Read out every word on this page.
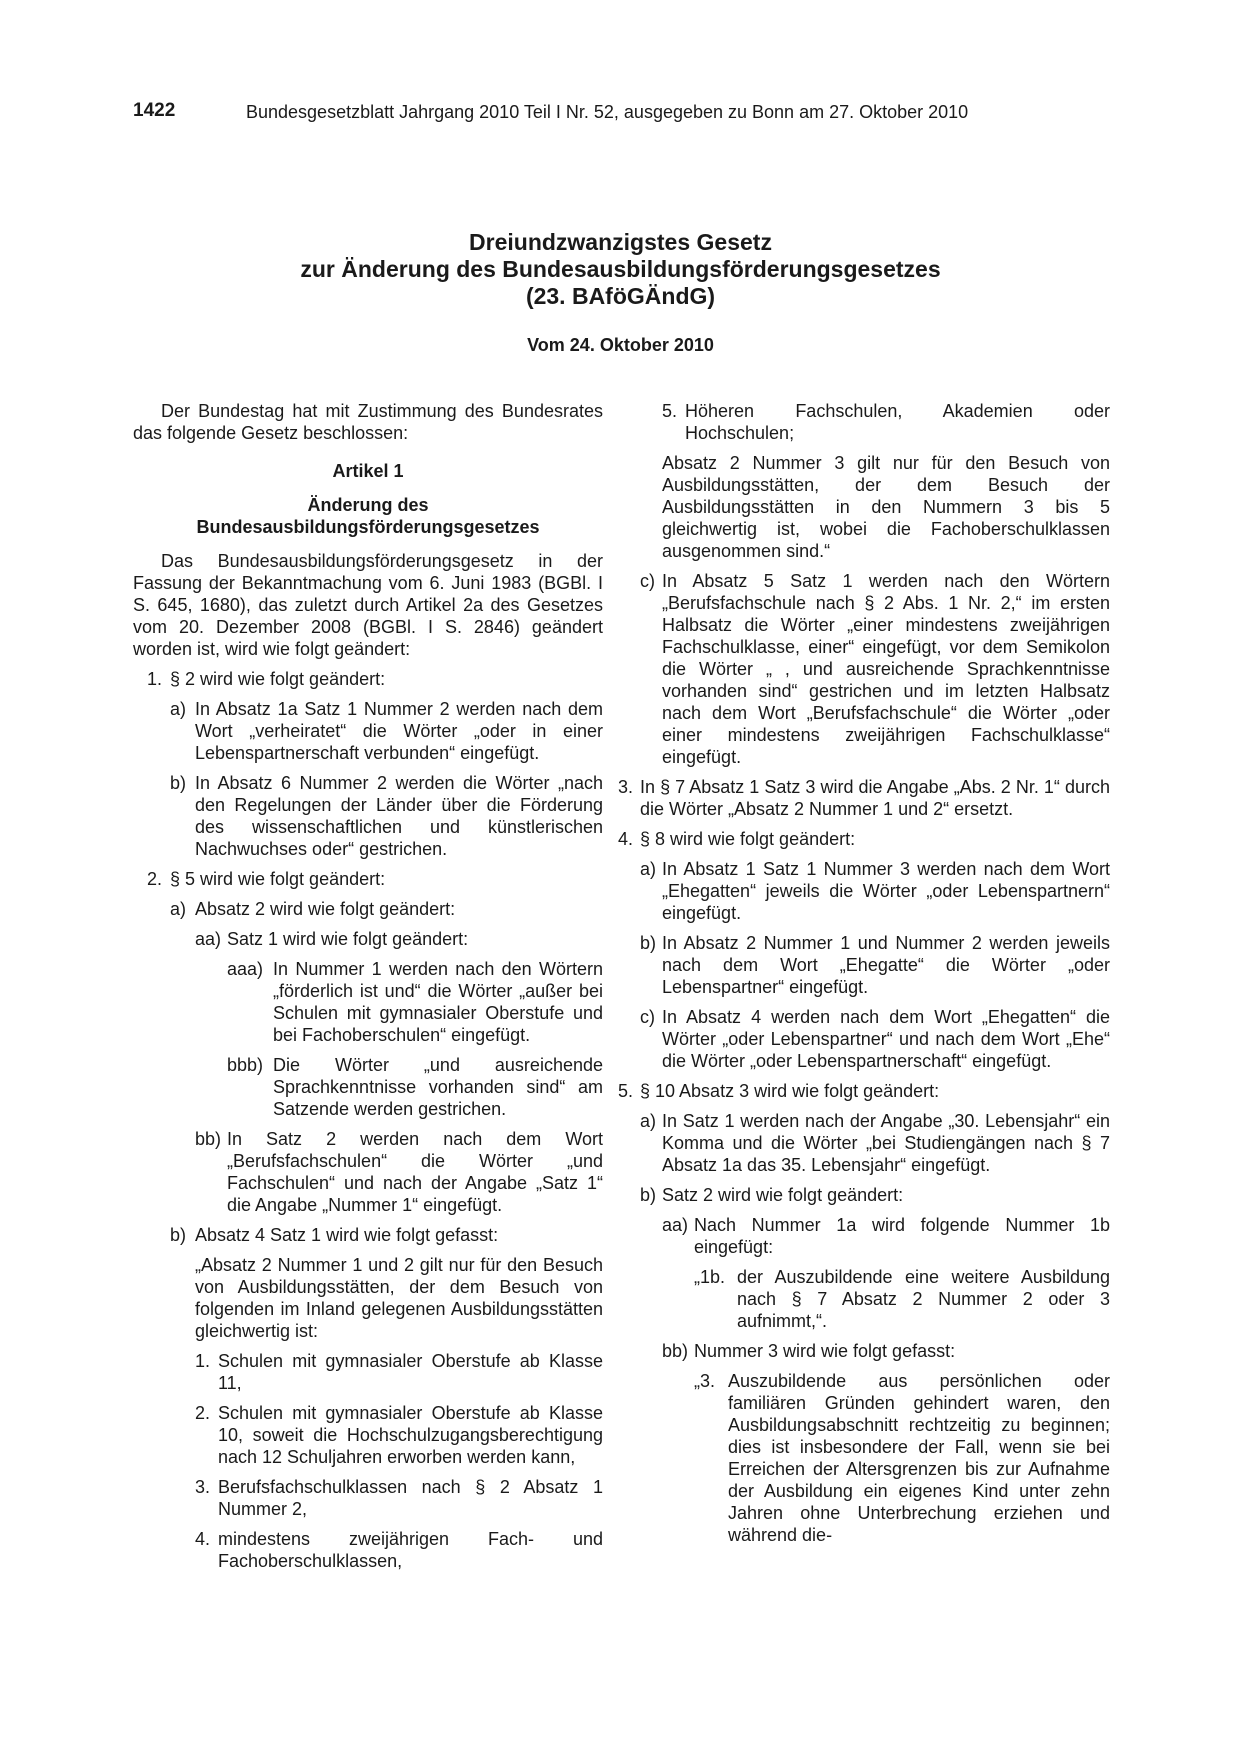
1422	Bundesgesetzblatt Jahrgang 2010 Teil I Nr. 52, ausgegeben zu Bonn am 27. Oktober 2010
Dreiundzwanzigstes Gesetz
zur Änderung des Bundesausbildungsförderungsgesetzes
(23. BAföGÄndG)
Vom 24. Oktober 2010

Der Bundestag hat mit Zustimmung des Bundesrates das folgende Gesetz beschlossen:

Artikel 1

Änderung des

Bundesausbildungsförderungsgesetzes

Das Bundesausbildungsförderungsgesetz in der Fassung der Bekanntmachung vom 6. Juni 1983 (BGBl. I S. 645, 1680), das zuletzt durch Artikel 2a des Gesetzes vom 20. Dezember 2008 (BGBl. I S. 2846) geändert worden ist, wird wie folgt geändert:

1. § 2 wird wie folgt geändert:
a) In Absatz 1a Satz 1 Nummer 2 werden nach dem Wort „verheiratet“ die Wörter „oder in einer Lebenspartnerschaft verbunden“ eingefügt.
b) In Absatz 6 Nummer 2 werden die Wörter „nach den Regelungen der Länder über die Förderung des wissenschaftlichen und künstlerischen Nachwuchses oder“ gestrichen.
2. § 5 wird wie folgt geändert:
a) Absatz 2 wird wie folgt geändert:
aa) Satz 1 wird wie folgt geändert:
aaa) In Nummer 1 werden nach den Wörtern „förderlich ist und“ die Wörter „außer bei Schulen mit gymnasialer Oberstufe und bei Fachoberschulen“ eingefügt.
bbb) Die Wörter „und ausreichende Sprachkenntnisse vorhanden sind“ am Satzende werden gestrichen.
bb) In Satz 2 werden nach dem Wort „Berufsfachschulen“ die Wörter „und Fachschulen“ und nach der Angabe „Satz 1“ die Angabe „Nummer 1“ eingefügt.
b) Absatz 4 Satz 1 wird wie folgt gefasst:

„Absatz 2 Nummer 1 und 2 gilt nur für den Besuch von Ausbildungsstätten, der dem Besuch von folgenden im Inland gelegenen Ausbildungsstätten gleichwertig ist:

1. Schulen mit gymnasialer Oberstufe ab Klasse 11,
2. Schulen mit gymnasialer Oberstufe ab Klasse 10, soweit die Hochschulzugangsberechtigung nach 12 Schuljahren erworben werden kann,
3. Berufsfachschulklassen nach § 2 Absatz 1 Nummer 2,
4. mindestens zweijährigen Fach- und Fachoberschulklassen,
5. Höheren Fachschulen, Akademien oder Hochschulen;

Absatz 2 Nummer 3 gilt nur für den Besuch von Ausbildungsstätten, der dem Besuch der Ausbildungsstätten in den Nummern 3 bis 5 gleichwertig ist, wobei die Fachoberschulklassen ausgenommen sind.“

c) In Absatz 5 Satz 1 werden nach den Wörtern „Berufsfachschule nach § 2 Abs. 1 Nr. 2,“ im ersten Halbsatz die Wörter „einer mindestens zweijährigen Fachschulklasse, einer“ eingefügt, vor dem Semikolon die Wörter „ , und ausreichende Sprachkenntnisse vorhanden sind“ gestrichen und im letzten Halbsatz nach dem Wort „Berufsfachschule“ die Wörter „oder einer mindestens zweijährigen Fachschulklasse“ eingefügt.
3. In § 7 Absatz 1 Satz 3 wird die Angabe „Abs. 2 Nr. 1“ durch die Wörter „Absatz 2 Nummer 1 und 2“ ersetzt.
4. § 8 wird wie folgt geändert:
a) In Absatz 1 Satz 1 Nummer 3 werden nach dem Wort „Ehegatten“ jeweils die Wörter „oder Lebenspartnern“ eingefügt.
b) In Absatz 2 Nummer 1 und Nummer 2 werden jeweils nach dem Wort „Ehegatte“ die Wörter „oder Lebenspartner“ eingefügt.
c) In Absatz 4 werden nach dem Wort „Ehegatten“ die Wörter „oder Lebenspartner“ und nach dem Wort „Ehe“ die Wörter „oder Lebenspartnerschaft“ eingefügt.
5. § 10 Absatz 3 wird wie folgt geändert:
a) In Satz 1 werden nach der Angabe „30. Lebensjahr“ ein Komma und die Wörter „bei Studiengängen nach § 7 Absatz 1a das 35. Lebensjahr“ eingefügt.
b) Satz 2 wird wie folgt geändert:
aa) Nach Nummer 1a wird folgende Nummer 1b eingefügt:
„1b. der Auszubildende eine weitere Ausbildung nach § 7 Absatz 2 Nummer 2 oder 3 aufnimmt,“.
bb) Nummer 3 wird wie folgt gefasst:
„3. Auszubildende aus persönlichen oder familiären Gründen gehindert waren, den Ausbildungsabschnitt rechtzeitig zu beginnen; dies ist insbesondere der Fall, wenn sie bei Erreichen der Altersgrenzen bis zur Aufnahme der Ausbildung ein eigenes Kind unter zehn Jahren ohne Unterbrechung erziehen und während die-
